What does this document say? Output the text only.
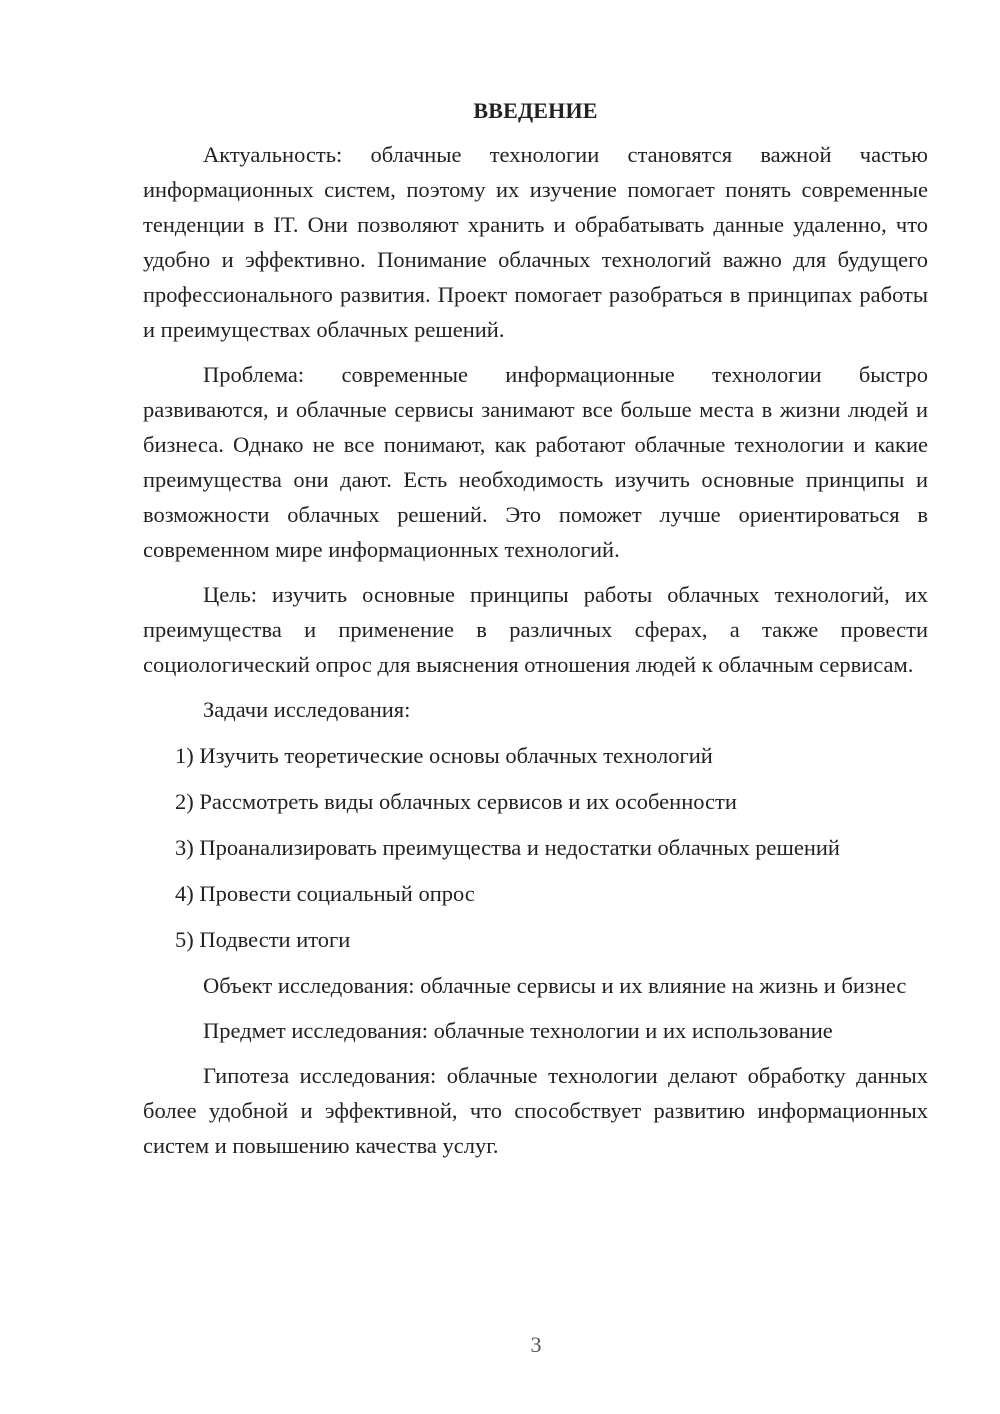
ВВЕДЕНИЕ

Актуальность: облачные технологии становятся важной частью информационных систем, поэтому их изучение помогает понять современные тенденции в IT. Они позволяют хранить и обрабатывать данные удаленно, что удобно и эффективно. Понимание облачных технологий важно для будущего профессионального развития. Проект помогает разобраться в принципах работы и преимуществах облачных решений.

Проблема: современные информационные технологии быстро развиваются, и облачные сервисы занимают все больше места в жизни людей и бизнеса. Однако не все понимают, как работают облачные технологии и какие преимущества они дают. Есть необходимость изучить основные принципы и возможности облачных решений. Это поможет лучше ориентироваться в современном мире информационных технологий.

Цель: изучить основные принципы работы облачных технологий, их преимущества и применение в различных сферах, а также провести социологический опрос для выяснения отношения людей к облачным сервисам.

Задачи исследования:
1) Изучить теоретические основы облачных технологий
2) Рассмотреть виды облачных сервисов и их особенности
3) Проанализировать преимущества и недостатки облачных решений
4) Провести социальный опрос
5) Подвести итоги

Объект исследования: облачные сервисы и их влияние на жизнь и бизнес

Предмет исследования: облачные технологии и их использование

Гипотеза исследования: облачные технологии делают обработку данных более удобной и эффективной, что способствует развитию информационных систем и повышению качества услуг.

3
